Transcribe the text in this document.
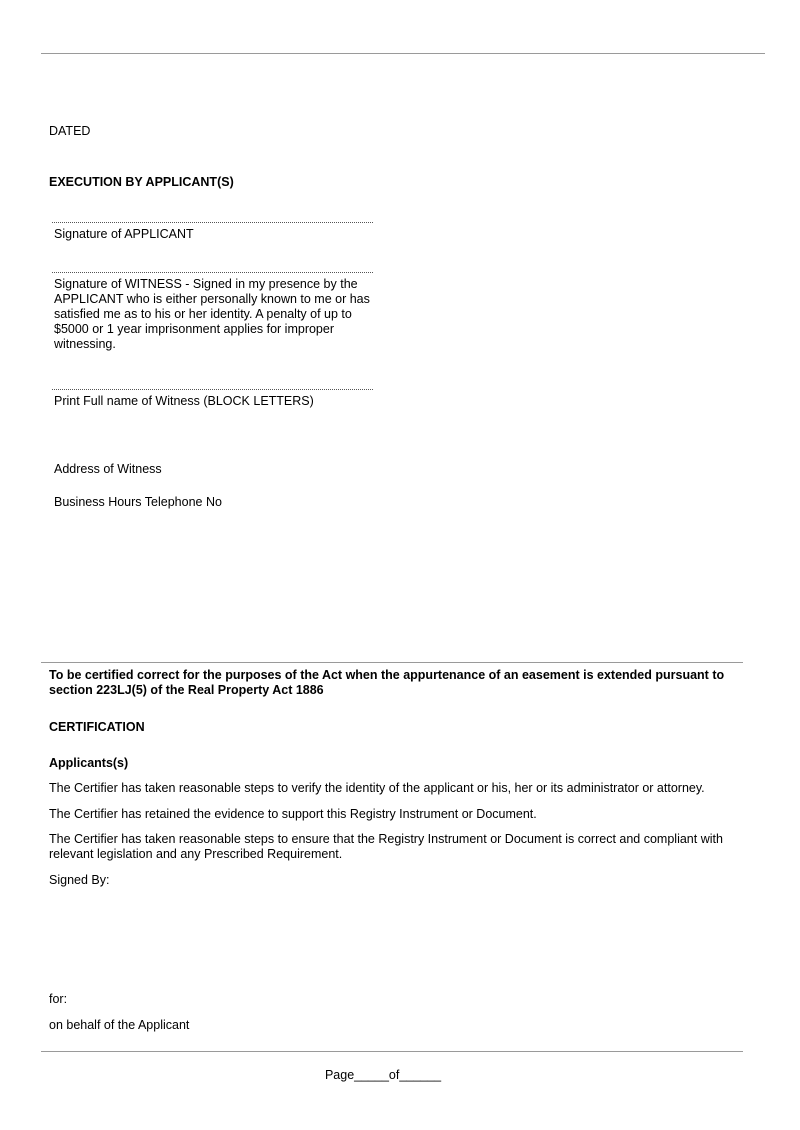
DATED
EXECUTION BY APPLICANT(S)
Signature of APPLICANT
Signature of WITNESS - Signed in my presence by the APPLICANT who is either personally known to me or has satisfied me as to his or her identity. A penalty of up to $5000 or 1 year imprisonment applies for improper witnessing.
Print Full name of Witness (BLOCK LETTERS)
Address of Witness
Business Hours Telephone No
To be certified correct for the purposes of the Act when the appurtenance of an easement is extended pursuant to section 223LJ(5) of the Real Property Act 1886
CERTIFICATION
Applicants(s)
The Certifier has taken reasonable steps to verify the identity of the applicant or his, her or its administrator or attorney.
The Certifier has retained the evidence to support this Registry Instrument or Document.
The Certifier has taken reasonable steps to ensure that the Registry Instrument or Document is correct and compliant with relevant legislation and any Prescribed Requirement.
Signed By:
for:
on behalf of the Applicant
Page_____of______
